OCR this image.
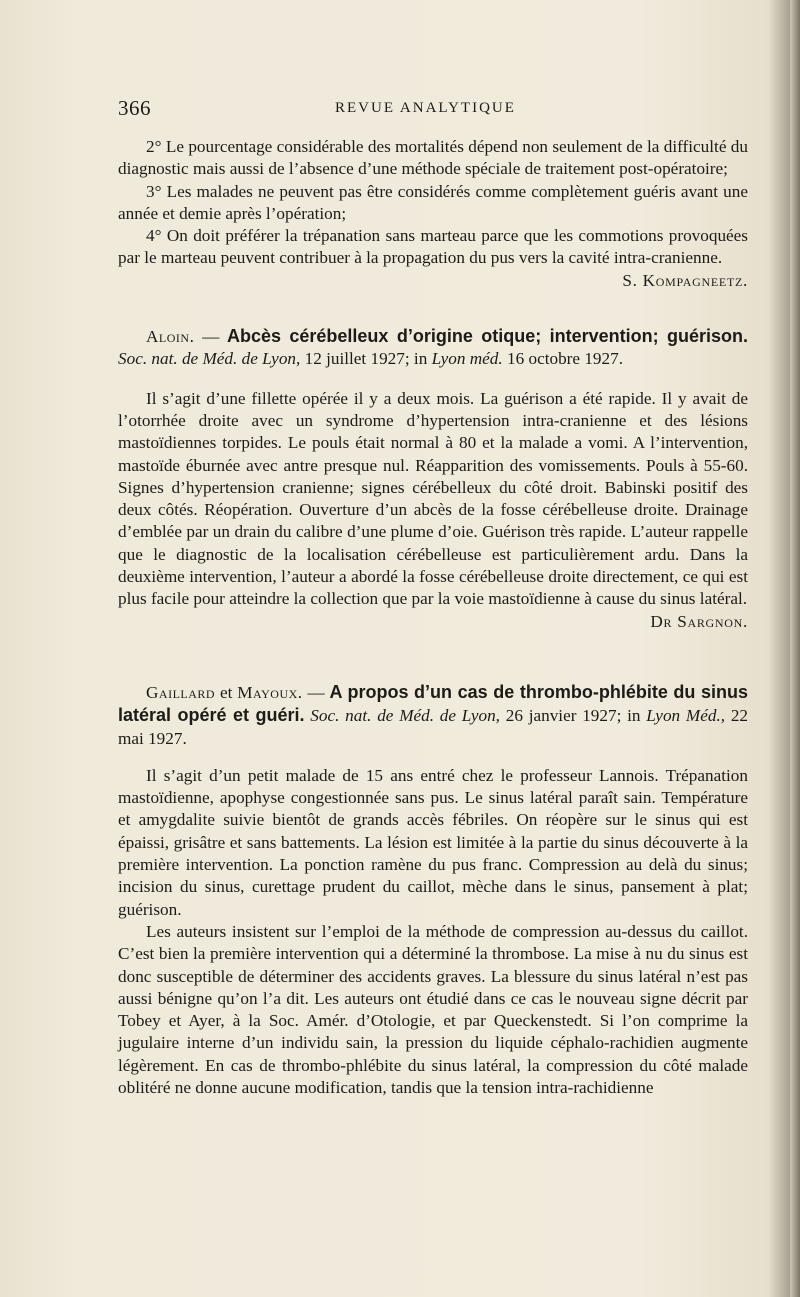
366	REVUE ANALYTIQUE

2° Le pourcentage considérable des mortalités dépend non seulement de la difficulté du diagnostic mais aussi de l’absence d’une méthode spéciale de traitement post-opératoire;

3° Les malades ne peuvent pas être considérés comme complètement guéris avant une année et demie après l’opération;

4° On doit préférer la trépanation sans marteau parce que les commotions provoquées par le marteau peuvent contribuer à la propagation du pus vers la cavité intra-cranienne.
S. Kompagneetz.

Aloin. — Abcès cérébelleux d’origine otique; intervention; guérison. Soc. nat. de Méd. de Lyon, 12 juillet 1927; in Lyon méd. 16 octobre 1927.

Il s’agit d’une fillette opérée il y a deux mois. La guérison a été rapide. Il y avait de l’otorrhée droite avec un syndrome d’hypertension intra-cranienne et des lésions mastoïdiennes torpides. Le pouls était normal à 80 et la malade a vomi. A l’intervention, mastoïde éburnée avec antre presque nul. Réapparition des vomissements. Pouls à 55-60. Signes d’hypertension cranienne; signes cérébelleux du côté droit. Babinski positif des deux côtés. Réopération. Ouverture d’un abcès de la fosse cérébelleuse droite. Drainage d’emblée par un drain du calibre d’une plume d’oie. Guérison très rapide. L’auteur rappelle que le diagnostic de la localisation cérébelleuse est particulièrement ardu. Dans la deuxième intervention, l’auteur a abordé la fosse cérébelleuse droite directement, ce qui est plus facile pour atteindre la collection que par la voie mastoïdienne à cause du sinus latéral.
Dr Sargnon.

Gaillard et Mayoux. — A propos d’un cas de thrombo-phlébite du sinus latéral opéré et guéri. Soc. nat. de Méd. de Lyon, 26 janvier 1927; in Lyon Méd., 22 mai 1927.

Il s’agit d’un petit malade de 15 ans entré chez le professeur Lannois. Trépanation mastoïdienne, apophyse congestionnée sans pus. Le sinus latéral paraît sain. Température et amygdalite suivie bientôt de grands accès fébriles. On réopère sur le sinus qui est épaissi, grisâtre et sans battements. La lésion est limitée à la partie du sinus découverte à la première intervention. La ponction ramène du pus franc. Compression au delà du sinus; incision du sinus, curettage prudent du caillot, mèche dans le sinus, pansement à plat; guérison.

Les auteurs insistent sur l’emploi de la méthode de compression au-dessus du caillot. C’est bien la première intervention qui a déterminé la thrombose. La mise à nu du sinus est donc susceptible de déterminer des accidents graves. La blessure du sinus latéral n’est pas aussi bénigne qu’on l’a dit. Les auteurs ont étudié dans ce cas le nouveau signe décrit par Tobey et Ayer, à la Soc. Amér. d’Otologie, et par Queckenstedt. Si l’on comprime la jugulaire interne d’un individu sain, la pression du liquide céphalo-rachidien augmente légèrement. En cas de thrombo-phlébite du sinus latéral, la compression du côté malade oblitéré ne donne aucune modification, tandis que la tension intra-rachidienne
